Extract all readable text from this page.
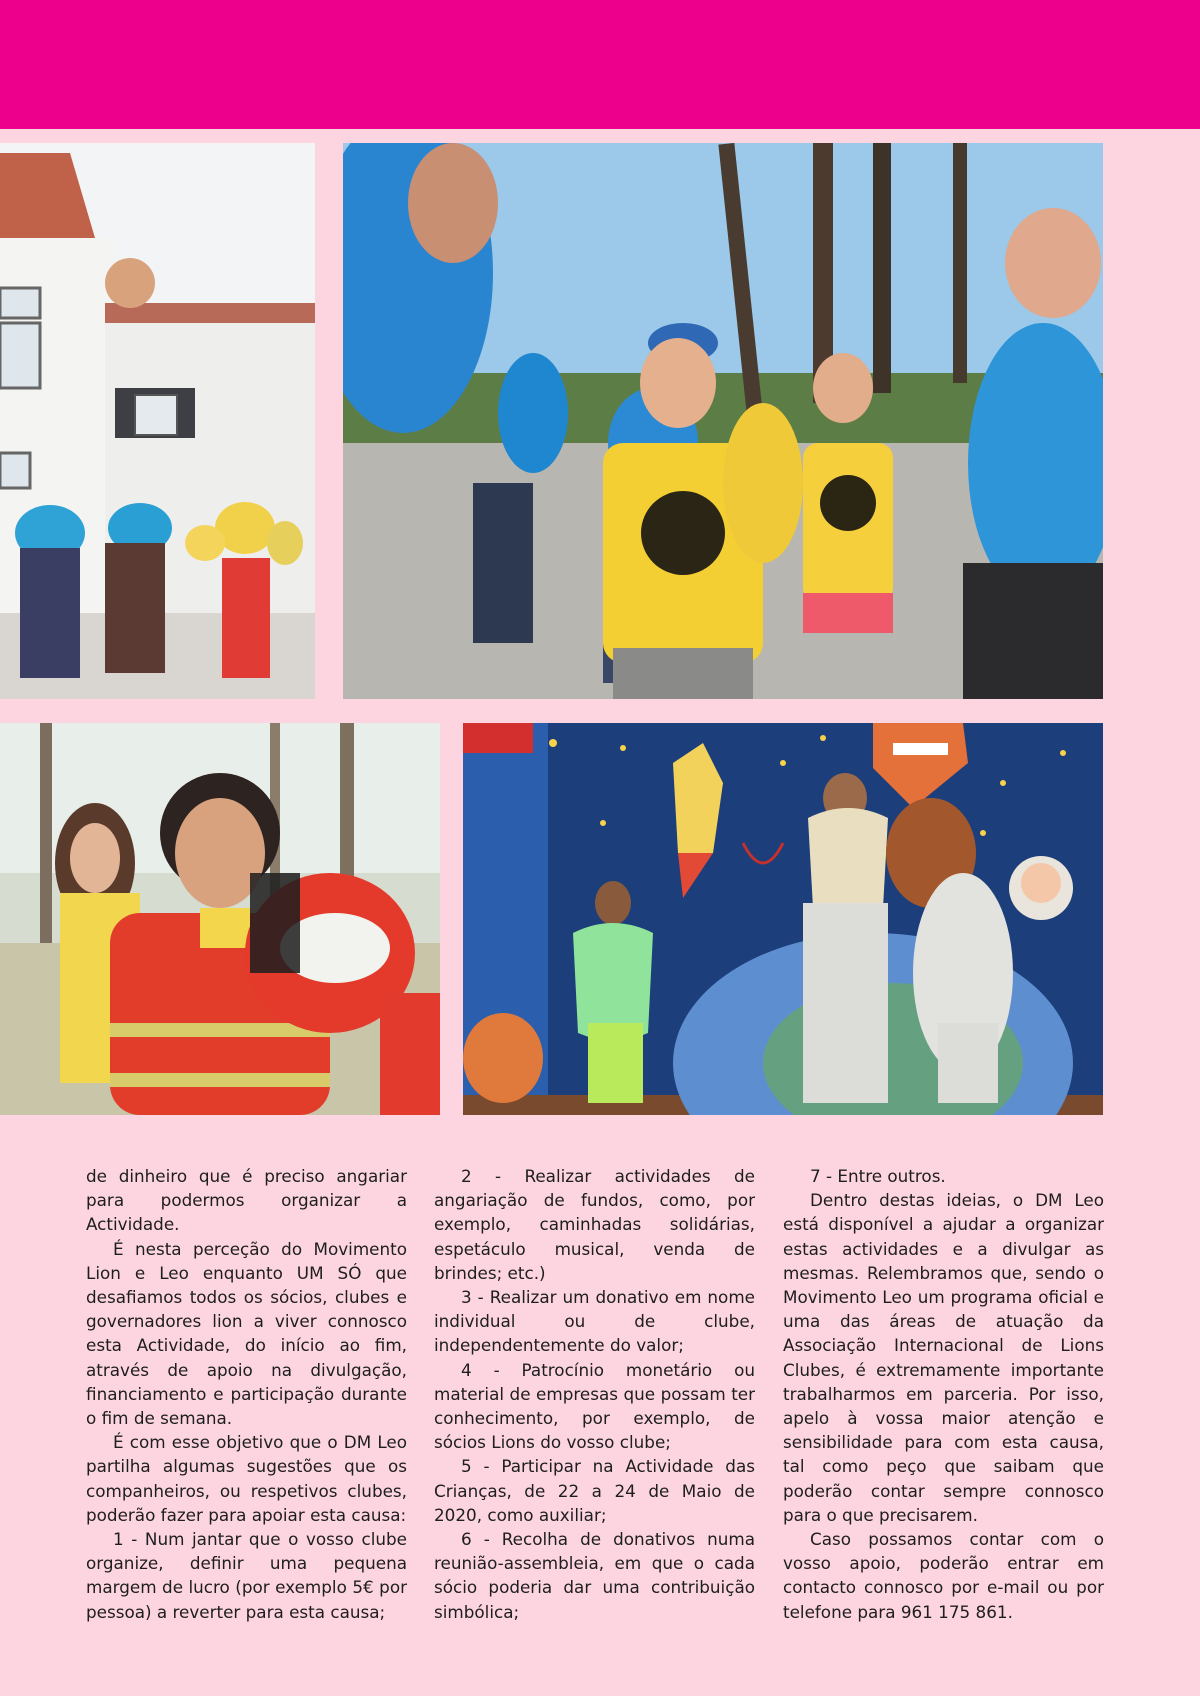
de dinheiro que é preciso angariar para podermos organizar a Actividade.

É nesta perceção do Movimento Lion e Leo enquanto UM SÓ que desafiamos todos os sócios, clubes e governadores lion a viver connosco esta Actividade, do início ao fim, através de apoio na divulgação, financiamento e participação durante o fim de semana.

É com esse objetivo que o DM Leo partilha algumas sugestões que os companheiros, ou respetivos clubes, poderão fazer para apoiar esta causa:

1 - Num jantar que o vosso clube organize, definir uma pequena margem de lucro (por exemplo 5€ por pessoa) a reverter para esta causa;

2 - Realizar actividades de angariação de fundos, como, por exemplo, caminhadas solidárias, espetáculo musical, venda de brindes; etc.)

3 - Realizar um donativo em nome individual ou de clube, independentemente do valor;

4 - Patrocínio monetário ou material de empresas que possam ter conhecimento, por exemplo, de sócios Lions do vosso clube;

5 - Participar na Actividade das Crianças, de 22 a 24 de Maio de 2020, como auxiliar;

6 - Recolha de donativos numa reunião-assembleia, em que o cada sócio poderia dar uma contribuição simbólica;

7 - Entre outros.

Dentro destas ideias, o DM Leo está disponível a ajudar a organizar estas actividades e a divulgar as mesmas. Relembramos que, sendo o Movimento Leo um programa oficial e uma das áreas de atuação da Associação Internacional de Lions Clubes, é extremamente importante trabalharmos em parceria. Por isso, apelo à vossa maior atenção e sensibilidade para com esta causa, tal como peço que saibam que poderão contar sempre connosco para o que precisarem.

Caso possamos contar com o vosso apoio, poderão entrar em contacto connosco por e-mail ou por telefone para 961 175 861.
